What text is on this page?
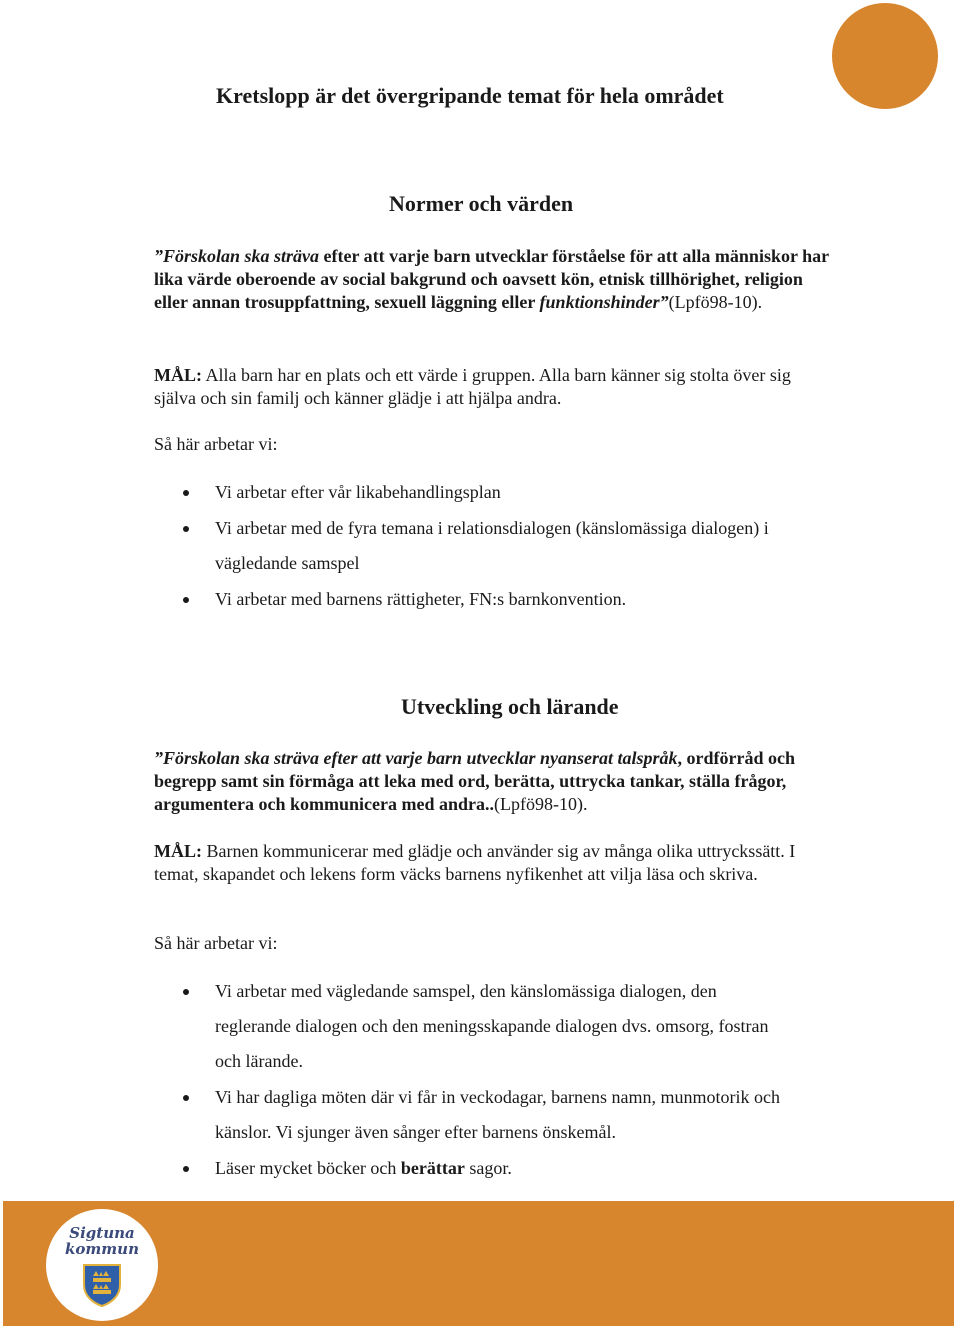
Kretslopp är det övergripande temat för hela området
Normer och värden

”Förskolan ska sträva efter att varje barn utvecklar förståelse för att alla människor har lika värde oberoende av social bakgrund och oavsett kön, etnisk tillhörighet, religion eller annan trosuppfattning, sexuell läggning eller funktionshinder”(Lpfö98-10).

MÅL: Alla barn har en plats och ett värde i gruppen. Alla barn känner sig stolta över sig själva och sin familj och känner glädje i att hjälpa andra.

Så här arbetar vi:

Vi arbetar efter vår likabehandlingsplan
Vi arbetar med de fyra temana i relationsdialogen (känslomässiga dialogen) i vägledande samspel
Vi arbetar med barnens rättigheter, FN:s barnkonvention.
Utveckling och lärande

”Förskolan ska sträva efter att varje barn utvecklar nyanserat talspråk, ordförråd och begrepp samt sin förmåga att leka med ord, berätta, uttrycka tankar, ställa frågor, argumentera och kommunicera med andra..(Lpfö98-10).

MÅL: Barnen kommunicerar med glädje och använder sig av många olika uttryckssätt. I temat, skapandet och lekens form väcks barnens nyfikenhet att vilja läsa och skriva.

Så här arbetar vi:

Vi arbetar med vägledande samspel, den känslomässiga dialogen, den reglerande dialogen och den meningsskapande dialogen dvs. omsorg, fostran och lärande.
Vi har dagliga möten där vi får in veckodagar, barnens namn, munmotorik och känslor. Vi sjunger även sånger efter barnens önskemål.
Läser mycket böcker och berättar sagor.
Sigtuna
kommun
